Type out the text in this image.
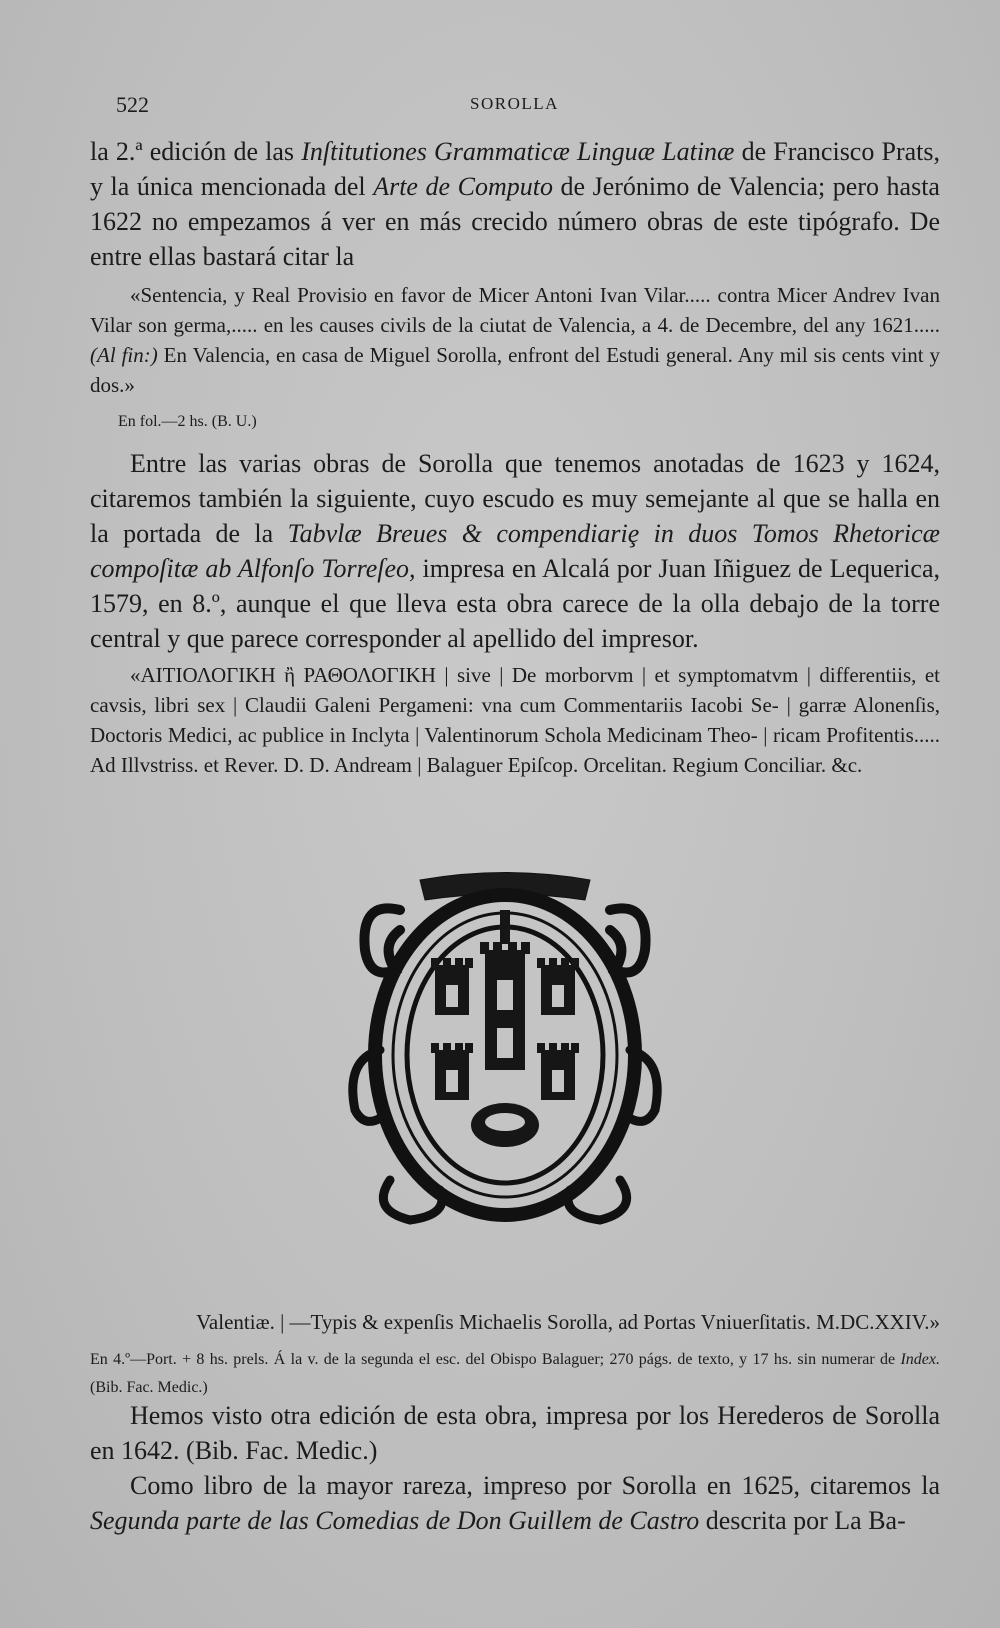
522	SOROLLA

la 2.ª edición de las Inſtitutiones Grammaticæ Linguæ Latinæ de Francisco Prats, y la única mencionada del Arte de Computo de Jerónimo de Valencia; pero hasta 1622 no empezamos á ver en más crecido número obras de este tipógrafo. De entre ellas bastará citar la

«Sentencia, y Real Provisio en favor de Micer Antoni Ivan Vilar..... contra Micer Andrev Ivan Vilar son germa,..... en les causes civils de la ciutat de Valencia, a 4. de Decembre, del any 1621..... (Al fin:) En Valencia, en casa de Miguel Sorolla, enfront del Estudi general. Any mil sis cents vint y dos.»

En fol.—2 hs. (B. U.)

Entre las varias obras de Sorolla que tenemos anotadas de 1623 y 1624, citaremos también la siguiente, cuyo escudo es muy semejante al que se halla en la portada de la Tabvlæ Breues & compendiariȩ in duos Tomos Rhetoricæ compoſitæ ab Alfonſo Torreſeo, impresa en Alcalá por Juan Iñiguez de Lequerica, 1579, en 8.º, aunque el que lleva esta obra carece de la olla debajo de la torre central y que parece corresponder al apellido del impresor.

«ΑΙΤΙΟΛΟΓΙΚΗ ἢ ΡΑΘΟΛΟΓΙΚΗ | sive | De morborvm | et symptomatvm | differentiis, et cavsis, libri sex | Claudii Galeni Pergameni: vna cum Commentariis Iacobi Se- | garræ Alonenſis, Doctoris Medici, ac publice in Inclyta | Valentinorum Schola Medicinam Theo- | ricam Profitentis..... Ad Illvstriss. et Rever. D. D. Andream | Balaguer Epiſcop. Orcelitan. Regium Conciliar. &c.

Valentiæ. | —Typis & expenſis Michaelis Sorolla, ad Portas Vniuerſitatis. M.DC.XXIV.»

En 4.º—Port. + 8 hs. prels. Á la v. de la segunda el esc. del Obispo Balaguer; 270 págs. de texto, y 17 hs. sin numerar de Index. (Bib. Fac. Medic.)

Hemos visto otra edición de esta obra, impresa por los Herederos de Sorolla en 1642. (Bib. Fac. Medic.)

Como libro de la mayor rareza, impreso por Sorolla en 1625, citaremos la Segunda parte de las Comedias de Don Guillem de Castro descrita por La Ba-
